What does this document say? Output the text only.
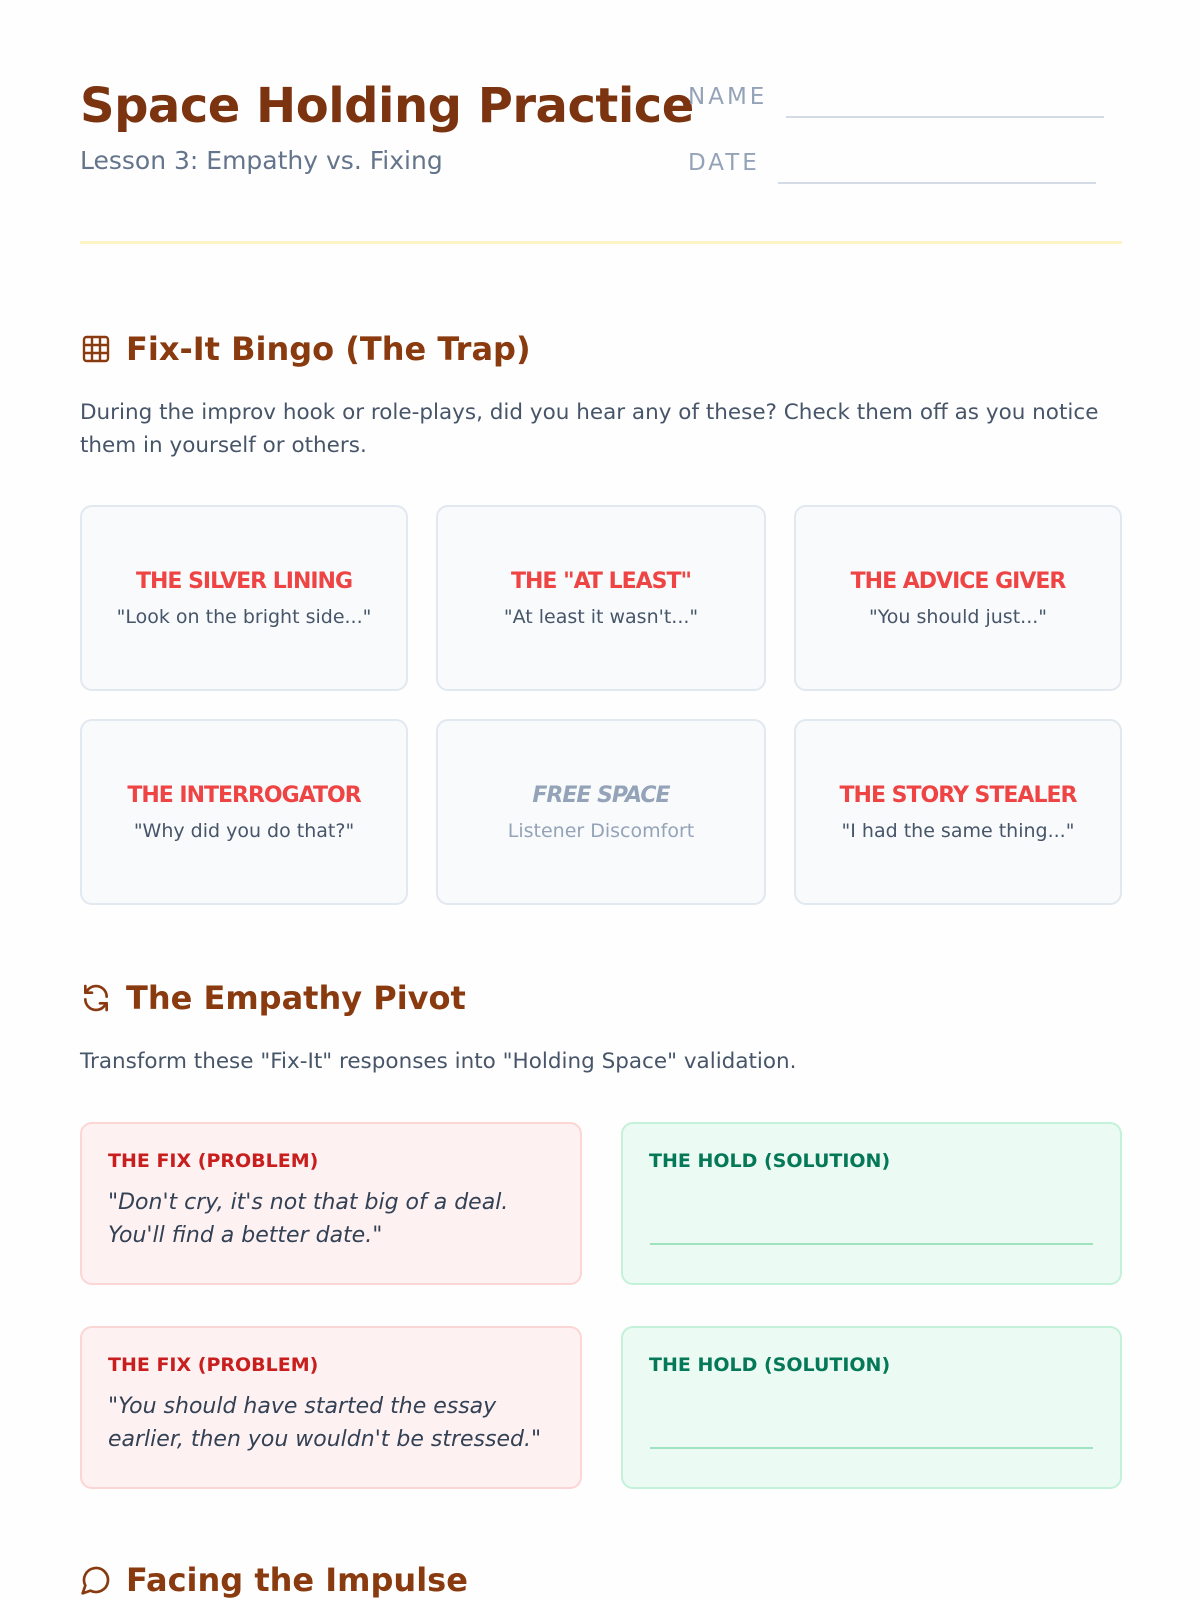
Space Holding Practice
Lesson 3: Empathy vs. Fixing
NAME
DATE
Fix-It Bingo (The Trap)
During the improv hook or role-plays, did you hear any of these? Check them off as you notice them in yourself or others.
THE SILVER LINING
"Look on the bright side..."
THE "AT LEAST"
"At least it wasn't..."
THE ADVICE GIVER
"You should just..."
THE INTERROGATOR
"Why did you do that?"
FREE SPACE
Listener Discomfort
THE STORY STEALER
"I had the same thing..."
The Empathy Pivot
Transform these "Fix-It" responses into "Holding Space" validation.
THE FIX (PROBLEM)
"Don't cry, it's not that big of a deal. You'll find a better date."
THE HOLD (SOLUTION)
THE FIX (PROBLEM)
"You should have started the essay earlier, then you wouldn't be stressed."
THE HOLD (SOLUTION)
Facing the Impulse
